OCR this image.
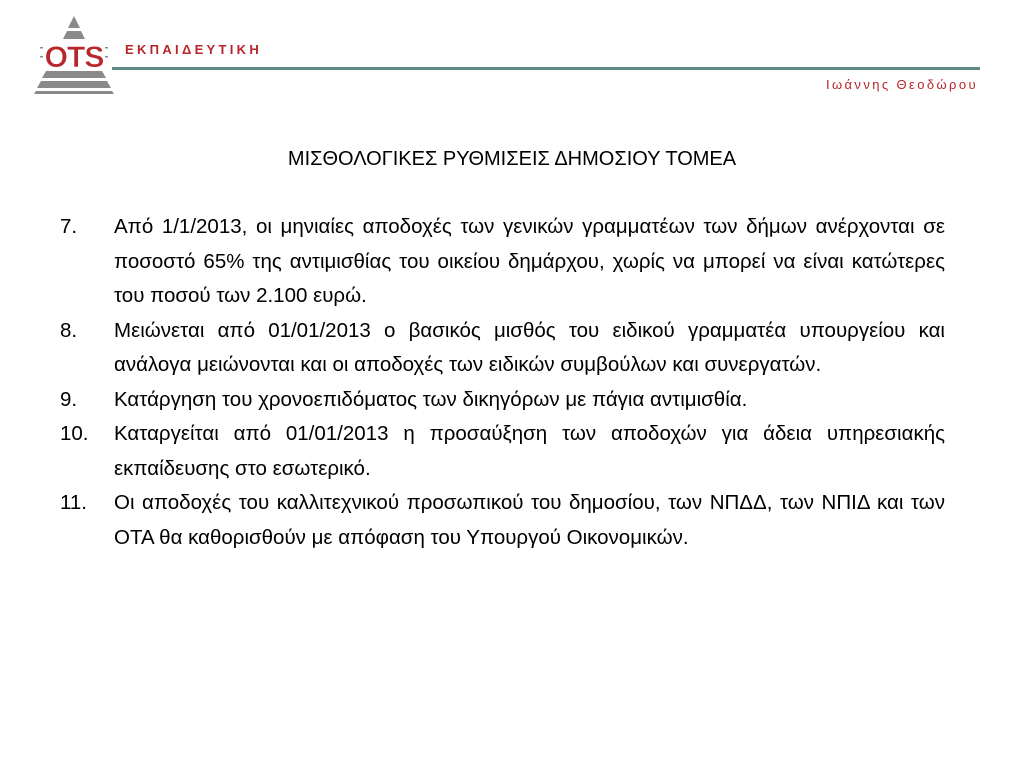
OTS ΕΚΠΑΙΔΕΥΤΙΚΗ
Ιωάννης Θεοδώρου
ΜΙΣΘΟΛΟΓΙΚΕΣ ΡΥΘΜΙΣΕΙΣ ΔΗΜΟΣΙΟΥ ΤΟΜΕΑ
7. Από 1/1/2013, οι μηνιαίες αποδοχές των γενικών γραμματέων των δήμων ανέρχονται σε ποσοστό 65% της αντιμισθίας του οικείου δημάρχου, χωρίς να μπορεί να είναι κατώτερες του ποσού των 2.100 ευρώ.
8. Μειώνεται από 01/01/2013 ο βασικός μισθός του ειδικού γραμματέα υπουργείου και ανάλογα μειώνονται και οι αποδοχές των ειδικών συμβούλων και συνεργατών.
9. Κατάργηση του χρονοεπιδόματος των δικηγόρων με πάγια αντιμισθία.
10. Καταργείται από 01/01/2013 η προσαύξηση των αποδοχών για άδεια υπηρεσιακής εκπαίδευσης στο εσωτερικό.
11. Οι αποδοχές του καλλιτεχνικού προσωπικού του δημοσίου, των ΝΠΔΔ, των ΝΠΙΔ και των ΟΤΑ θα καθορισθούν με απόφαση του Υπουργού Οικονομικών.
